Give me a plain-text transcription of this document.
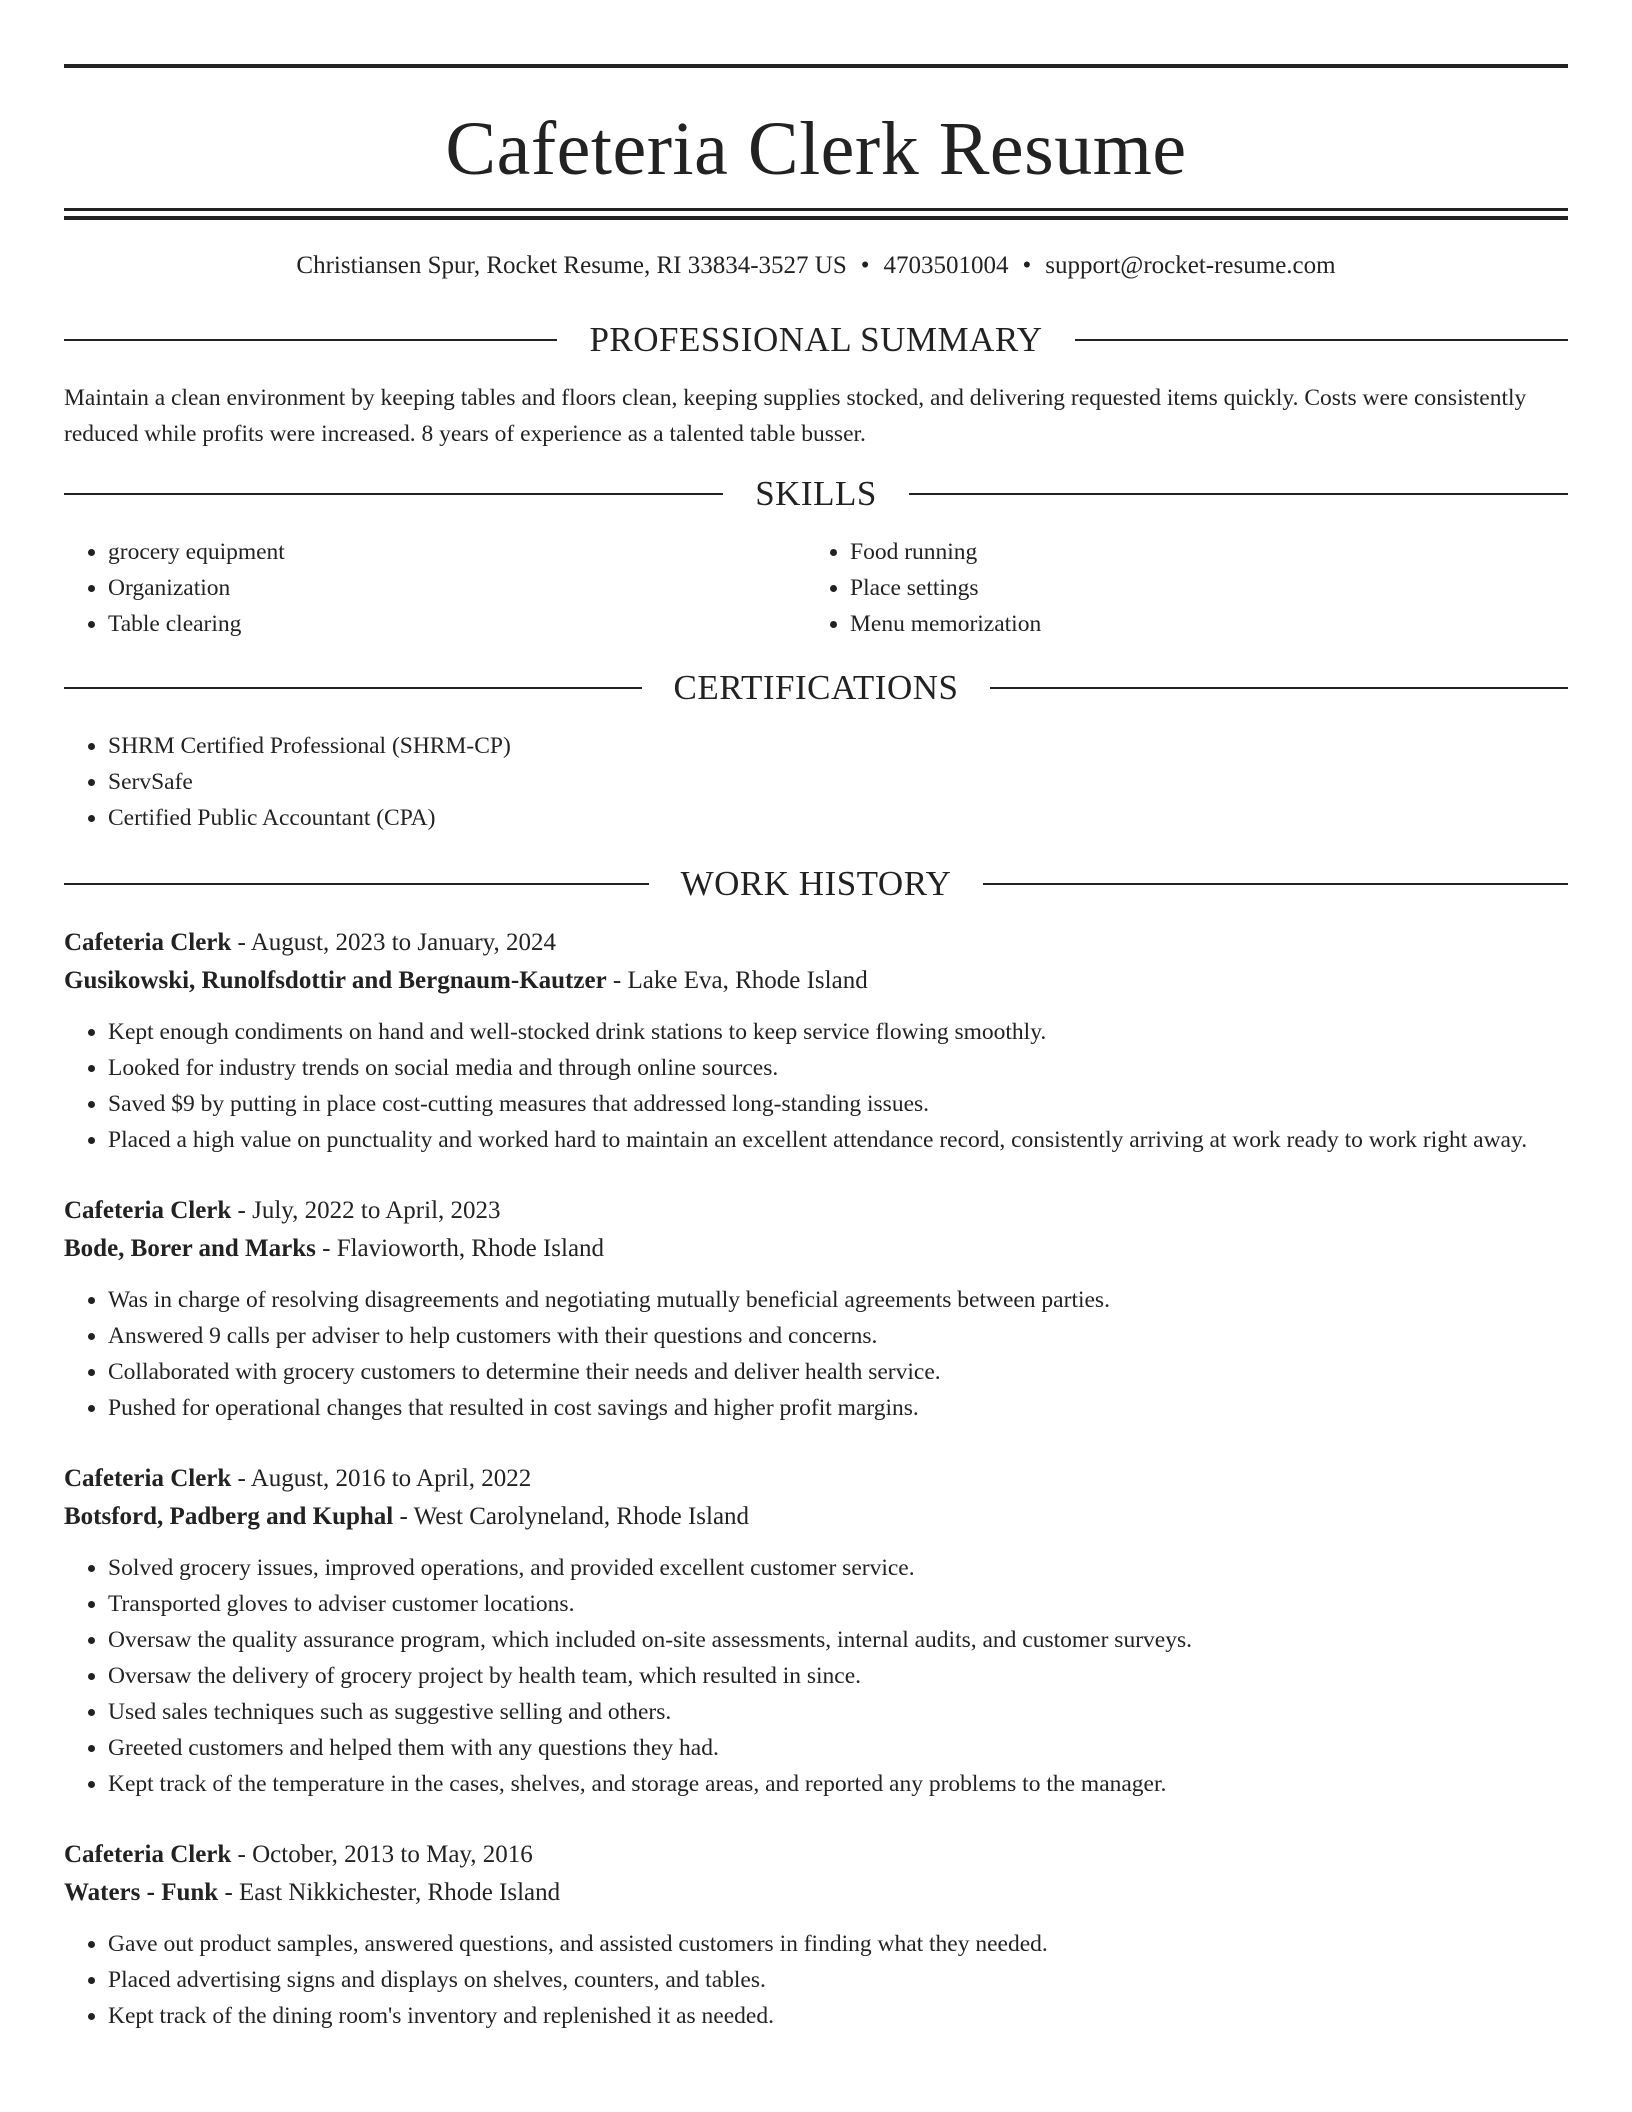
Cafeteria Clerk Resume
Christiansen Spur, Rocket Resume, RI 33834-3527 US • 4703501004 • support@rocket-resume.com
PROFESSIONAL SUMMARY

Maintain a clean environment by keeping tables and floors clean, keeping supplies stocked, and delivering requested items quickly. Costs were consistently reduced while profits were increased. 8 years of experience as a talented table busser.

SKILLS
• grocery equipment
• Organization
• Table clearing
• Food running
• Place settings
• Menu memorization
CERTIFICATIONS
• SHRM Certified Professional (SHRM-CP)
• ServSafe
• Certified Public Accountant (CPA)
WORK HISTORY
Cafeteria Clerk - August, 2023 to January, 2024
Gusikowski, Runolfsdottir and Bergnaum-Kautzer - Lake Eva, Rhode Island
• Kept enough condiments on hand and well-stocked drink stations to keep service flowing smoothly.
• Looked for industry trends on social media and through online sources.
• Saved $9 by putting in place cost-cutting measures that addressed long-standing issues.
• Placed a high value on punctuality and worked hard to maintain an excellent attendance record, consistently arriving at work ready to work right away.
Cafeteria Clerk - July, 2022 to April, 2023
Bode, Borer and Marks - Flavioworth, Rhode Island
• Was in charge of resolving disagreements and negotiating mutually beneficial agreements between parties.
• Answered 9 calls per adviser to help customers with their questions and concerns.
• Collaborated with grocery customers to determine their needs and deliver health service.
• Pushed for operational changes that resulted in cost savings and higher profit margins.
Cafeteria Clerk - August, 2016 to April, 2022
Botsford, Padberg and Kuphal - West Carolyneland, Rhode Island
• Solved grocery issues, improved operations, and provided excellent customer service.
• Transported gloves to adviser customer locations.
• Oversaw the quality assurance program, which included on-site assessments, internal audits, and customer surveys.
• Oversaw the delivery of grocery project by health team, which resulted in since.
• Used sales techniques such as suggestive selling and others.
• Greeted customers and helped them with any questions they had.
• Kept track of the temperature in the cases, shelves, and storage areas, and reported any problems to the manager.
Cafeteria Clerk - October, 2013 to May, 2016
Waters - Funk - East Nikkichester, Rhode Island
• Gave out product samples, answered questions, and assisted customers in finding what they needed.
• Placed advertising signs and displays on shelves, counters, and tables.
• Kept track of the dining room's inventory and replenished it as needed.
